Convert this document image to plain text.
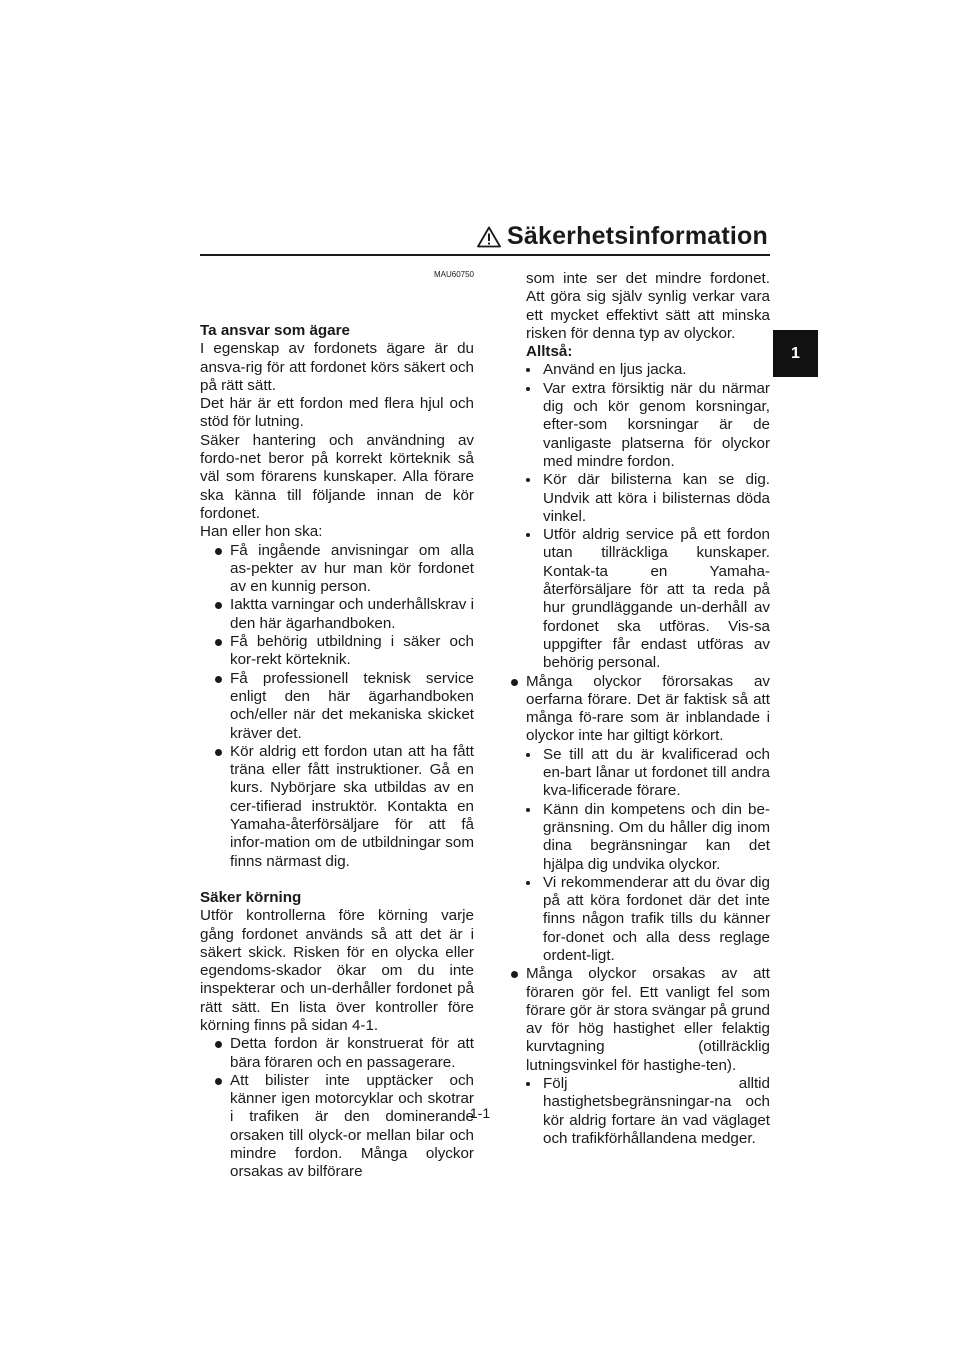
Säkerhetsinformation
1
MAU60750
Ta ansvar som ägare

I egenskap av fordonets ägare är du ansva-rig för att fordonet körs säkert och på rätt sätt.

Det här är ett fordon med flera hjul och stöd för lutning.

Säker hantering och användning av fordo-net beror på korrekt körteknik så väl som förarens kunskaper. Alla förare ska känna till följande innan de kör fordonet.

Han eller hon ska:

Få ingående anvisningar om alla as-pekter av hur man kör fordonet av en kunnig person.
Iaktta varningar och underhållskrav i den här ägarhandboken.
Få behörig utbildning i säker och kor-rekt körteknik.
Få professionell teknisk service enligt den här ägarhandboken och/eller när det mekaniska skicket kräver det.
Kör aldrig ett fordon utan att ha fått träna eller fått instruktioner. Gå en kurs. Nybörjare ska utbildas av en cer-tifierad instruktör. Kontakta en Yamaha-återförsäljare för att få infor-mation om de utbildningar som finns närmast dig.
Säker körning

Utför kontrollerna före körning varje gång fordonet används så att det är i säkert skick. Risken för en olycka eller egendoms-skador ökar om du inte inspekterar och un-derhåller fordonet på rätt sätt. En lista över kontroller före körning finns på sidan 4-1.

Detta fordon är konstruerat för att bära föraren och en passagerare.
Att bilister inte upptäcker och känner igen motorcyklar och skotrar i trafiken är den dominerande orsaken till olyck-or mellan bilar och mindre fordon. Många olyckor orsakas av bilförare

som inte ser det mindre fordonet. Att göra sig själv synlig verkar vara ett mycket effektivt sätt att minska risken för denna typ av olyckor.

Alltså:
Använd en ljus jacka.
Var extra försiktig när du närmar dig och kör genom korsningar, efter-som korsningar är de vanligaste platserna för olyckor med mindre fordon.
Kör där bilisterna kan se dig. Undvik att köra i bilisternas döda vinkel.
Utför aldrig service på ett fordon utan tillräckliga kunskaper. Kontak-ta en Yamaha-återförsäljare för att ta reda på hur grundläggande un-derhåll av fordonet ska utföras. Vis-sa uppgifter får endast utföras av behörig personal.
Många olyckor förorsakas av oerfarna förare. Det är faktisk så att många fö-rare som är inblandade i olyckor inte har giltigt körkort.
Se till att du är kvalificerad och en-bart lånar ut fordonet till andra kva-lificerade förare.
Känn din kompetens och din be-gränsning. Om du håller dig inom dina begränsningar kan det hjälpa dig undvika olyckor.
Vi rekommenderar att du övar dig på att köra fordonet där det inte finns någon trafik tills du känner for-donet och alla dess reglage ordent-ligt.
Många olyckor orsakas av att föraren gör fel. Ett vanligt fel som förare gör är stora svängar på grund av för hög hastighet eller felaktig kurvtagning (otillräcklig lutningsvinkel för hastighe-ten).
Följ alltid hastighetsbegränsningar-na och kör aldrig fortare än vad väglaget och trafikförhållandena medger.
1-1
